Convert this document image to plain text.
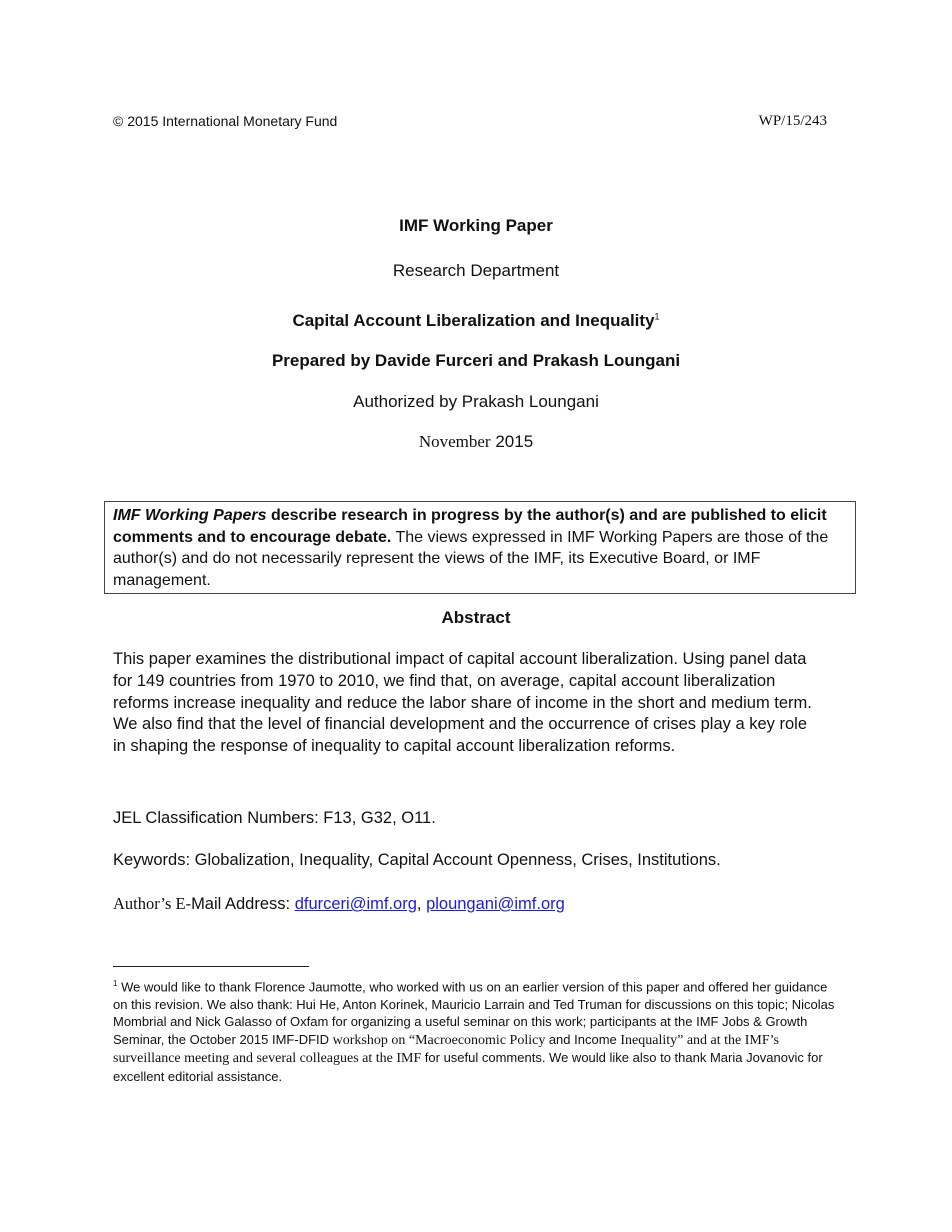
© 2015 International Monetary Fund	WP/15/243
IMF Working Paper
Research Department
Capital Account Liberalization and Inequality$^1$
Prepared by Davide Furceri and Prakash Loungani
Authorized by Prakash Loungani
November 2015
IMF Working Papers describe research in progress by the author(s) and are published to elicit comments and to encourage debate. The views expressed in IMF Working Papers are those of the author(s) and do not necessarily represent the views of the IMF, its Executive Board, or IMF management.
Abstract
This paper examines the distributional impact of capital account liberalization. Using panel data for 149 countries from 1970 to 2010, we find that, on average, capital account liberalization reforms increase inequality and reduce the labor share of income in the short and medium term. We also find that the level of financial development and the occurrence of crises play a key role in shaping the response of inequality to capital account liberalization reforms.
JEL Classification Numbers: F13, G32, O11.
Keywords: Globalization, Inequality, Capital Account Openness, Crises, Institutions.
Author’s E-Mail Address: dfurceri@imf.org, ploungani@imf.org
$^1$ We would like to thank Florence Jaumotte, who worked with us on an earlier version of this paper and offered her guidance on this revision. We also thank: Hui He, Anton Korinek, Mauricio Larrain and Ted Truman for discussions on this topic; Nicolas Mombrial and Nick Galasso of Oxfam for organizing a useful seminar on this work; participants at the IMF Jobs & Growth Seminar, the October 2015 IMF-DFID workshop on “Macroeconomic Policy and Income Inequality” and at the IMF’s surveillance meeting and several colleagues at the IMF for useful comments. We would like also to thank Maria Jovanovic for excellent editorial assistance.
